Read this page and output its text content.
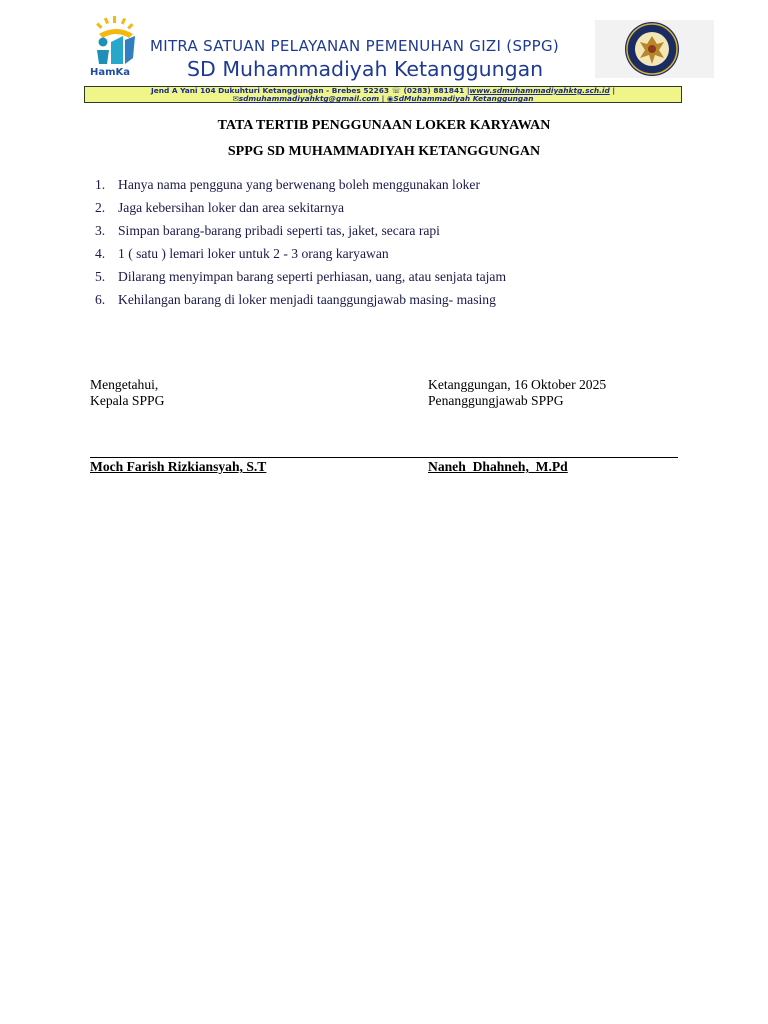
HamKa
MITRA SATUAN PELAYANAN PEMENUHAN GIZI (SPPG)
SD Muhammadiyah Ketanggungan
Jend A Yani 104 Dukuhturi Ketanggungan - Brebes 52263 ☏ (0283) 881841 |www.sdmuhammadiyahktg.sch.id |
✉sdmuhammadiyahktg@gmail.com | ◉SdMuhammadiyah Ketanggungan
TATA TERTIB PENGGUNAAN LOKER KARYAWAN
SPPG SD MUHAMMADIYAH KETANGGUNGAN
1. Hanya nama pengguna yang berwenang boleh menggunakan loker
2. Jaga kebersihan loker dan area sekitarnya
3. Simpan barang-barang pribadi seperti tas, jaket, secara rapi
4. 1 ( satu ) lemari loker untuk 2 - 3 orang karyawan
5. Dilarang menyimpan barang seperti perhiasan, uang, atau senjata tajam
6. Kehilangan barang di loker menjadi taanggungjawab masing- masing
Mengetahui,
Kepala SPPG
Ketanggungan, 16 Oktober 2025
Penanggungjawab SPPG
Moch Farish Rizkiansyah, S.T	Naneh  Dhahneh,  M.Pd
